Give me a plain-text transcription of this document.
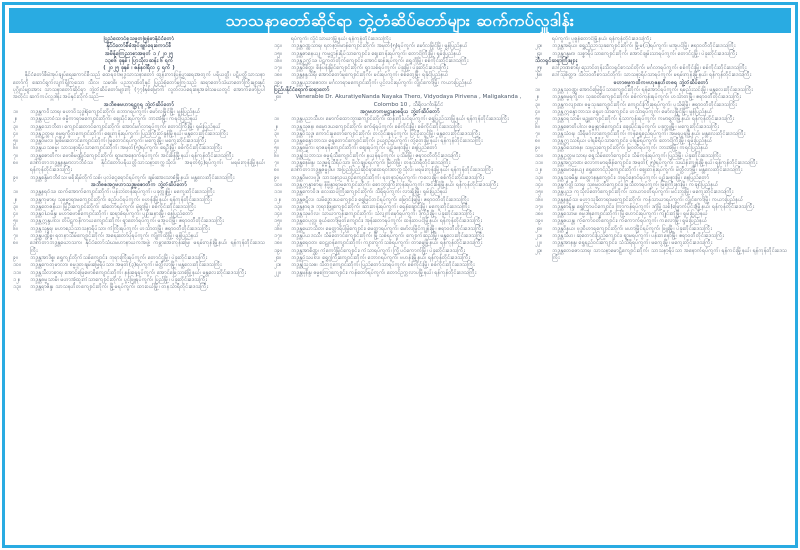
သာသနာတော်ဆိုင်ရာ ဘွဲ့တံဆိပ်တော်များ ဆက်ကပ်လှူဒါန်း
ပြည်ထောင်စုသမ္မတမြန်မာနိုင်ငံတော်
နိုင်ငံတော်စီမံအုပ်ချုပ်ရေးကောင်စီ
အမိန့်ကြေညာစာအမှတ် ၁ / ၂၀၂၅
၁၃၈၆ ခုနှစ် ၊ ပြာသိုလဆန်း ၆ ရက်
( ၂၀၂၅ ခုနှစ် ၊ ဇန်နဝါရီလ ၄ ရက် )
နိုင်ငံတော်စီမံအုပ်ချုပ်ရေးကောင်စီသည် ထေရဝါဒဗုဒ္ဓသာသနာတော် ထွန်းကားပြန့်ပွားရေးအတွက် ပရိယတ္တိ၊ ပဋိပတ္တိသာသနာတော်ကို ဆောင်ရွက်လျက်ရှိကြသော သီလ၊ သမာဓိ၊ ပညာဂုဏ်တို့နှင့် ပြည့်စုံတော်မူကြသည့် ဆရာတော်သံဃာတော်ကြီးများနှင့် ပုဂ္ဂိုလ်များအား သာသနာတော်ဆိုင်ရာ ဘွဲ့တံဆိပ်တော်များကို (၇၇)နှစ်မြောက် လွတ်လပ်ရေးနေ့အခါသမယတွင် အောက်ဖော်ပြပါအတိုင်း ဆက်ကပ်လှူဒါန်း အပ်နှင်းလိုက်သည်—
အဘိဓဇမဟာရဋ္ဌဂုရု ဘွဲ့တံဆိပ်တော်
၁။	ဘဒ္ဒန္တကဝိသာရ၊ မဟာဝိသုဒ္ဓါရုံကျောင်းတိုက်၊ ဘောဂရပ်ကွက်၊ မော်လမြိုင်မြို့၊ မွန်ပြည်နယ်
၂။	ဘဒ္ဒန္တပညာဝံသ၊ ဓမ္မိကာရာမကျောင်းတိုက်၊ ဈေးပိုင်းရပ်ကွက်၊ ဘားအံမြို့၊ ကရင်ပြည်နယ်
၃။	ဘဒ္ဒန္တသောဘိတ၊ ကျောင်းတောင်ကျောင်းတိုက်၊ အောင်မင်္ဂလာရပ်ကွက်၊ တောင်ကြီးမြို့၊ ရှမ်းပြည်နယ်
၄။	ဘဒ္ဒန္တဥတ္တရ၊ ဓမ္မရက္ခိတကျောင်းတိုက်၊ ဈေးကုန်းရပ်ကွက်၊ ပြည်ကြီးတံခွန်မြို့နယ်၊ မန္တလေးတိုင်းဒေသကြီး
၅။	ဘဒ္ဒန္တဝိမလ၊ မြစိမ်းတောင်ကျောင်းတိုက်၊ မြတောင်ရပ်ကွက်၊ မကွေးမြို့၊ မကွေးတိုင်းဒေသကြီး
၆။	ဘဒ္ဒန္တယသဓမ္မ၊ သာသနာ့ရိပ်သာကျောင်းတိုက်၊ အမှတ်(၅)ရပ်ကွက်၊ ရေဦးမြို့၊ စစ်ကိုင်းတိုင်းဒေသကြီး
၇။	ဘဒ္ဒန္တဇောတိက၊ ဗောဓိမဏ္ဍိုင်ကျောင်းတိုက်၊ ရွာမအနောက်ရပ်ကွက်၊ အင်းစိန်မြို့နယ်၊ ရန်ကုန်တိုင်းဒေသကြီး
၈။	ဒေါက်တာဘဒ္ဒန္တနန္ဒမာလာဘိဝံသ၊ နိုင်ငံတော်ပရိယတ္တိသာသနာ့တက္ကသိုလ်၊ အမှတ်(၄)ရပ်ကွက်၊ မရမ်းကုန်းမြို့နယ်၊ ရန်ကုန်တိုင်းဒေသကြီး
၉။	ဘဒ္ဒန္တစန္ဒိမာဘိဝံသ၊ မစိုးရိမ်တိုက်သစ်၊ ပုလဲငွေရောင်ရပ်ကွက်၊ ချမ်းအေးသာစံမြို့နယ်၊ မန္တလေးတိုင်းဒေသကြီး
အဘိဓဇအဂ္ဂမဟာသဒ္ဓမ္မဇောတိက ဘွဲ့တံဆိပ်တော်
၁။	ဘဒ္ဒန္တနရဝံသ၊ ထက်အောက်ကျောင်းတိုက်၊ ပန်းဘဲတန်းရပ်ကွက်၊ ပခုက္ကူမြို့၊ မကွေးတိုင်းဒေသကြီး
၂။	ဘဒ္ဒန္တကုမာရ၊ သုဓမ္မာရာမကျောင်းတိုက်၊ စည်ပင်ရပ်ကွက်၊ ဗဟန်းမြို့နယ်၊ ရန်ကုန်တိုင်းဒေသကြီး
၃။	ဘဒ္ဒန္တတေဇနိယ၊ မြို့ဦးကျောင်းတိုက်၊ ဆံတော်ရပ်ကွက်၊ မုံရွာမြို့၊ စစ်ကိုင်းတိုင်းဒေသကြီး
၄။	ဘဒ္ဒန္တဝါယမိန္ဒ၊ မဟာဗောဓိကျောင်းတိုက်၊ ဆရာစံရပ်ကွက်၊ ပျဉ်းမနားမြို့၊ နေပြည်တော်
၅။	ဘဒ္ဒန္တဣန္ဒပါလ၊ တိပိဋကနိကာယကျောင်းတိုက်၊ ရွာတော်ရပ်ကွက်၊ မအူပင်မြို့၊ ဧရာဝတီတိုင်းဒေသကြီး
၆။	ဘဒ္ဒန္တသုန္ဒရ၊ မဟာစည်သာသနာ့ရိပ်သာ၊ ကံကြီးရပ်ကွက်၊ ဟင်္သာတမြို့၊ ဧရာဝတီတိုင်းဒေသကြီး
၇။	ဘဒ္ဒန္တပဏ္ဍိစ္စ၊ ရတနာသိမ်ကျောင်းတိုက်၊ အရေးတော်ပုံရပ်ကွက်၊ ကျိုက်ထိုမြို့၊ မွန်ပြည်နယ်
၈။	ဒေါက်တာဘဒ္ဒန္တဃောသက၊ နိုင်ငံတော်သံဃမဟာနာယကအဖွဲ့၊ ကမ္ဘာအေးကုန်းမြေ၊ မရမ်းကုန်းမြို့နယ်၊ ရန်ကုန်တိုင်းဒေသကြီး
၉။	ဘဒ္ဒန္တအာဒိစ္စ၊ ရွှေကျင်တိုက်သစ်ကျောင်း၊ ဘုရားကြီးရပ်ကွက်၊ တောင်ငူမြို့၊ ပဲခူးတိုင်းဒေသကြီး
၁၀။	ဘဒ္ဒန္တကေတုမာလာ၊ ဓမ္မဒူတချမ်းမြေ့ရိပ်သာ၊ အမှတ်(၃)ရပ်ကွက်၊ မိတ္ထီလာမြို့၊ မန္တလေးတိုင်းဒေသကြီး
၁၁။	ဘဒ္ဒန္တသီလာစာရ၊ အောင်မြေဗောဓိကျောင်းတိုက်၊ နန်းရှေ့ရပ်ကွက်၊ အောင်မြေသာစံမြို့နယ်၊ မန္တလေးတိုင်းဒေသကြီး
၁၂။	ဘဒ္ဒန္တဓမ္မသာမိ၊ မဟာအံ့ထူးကံသာကျောင်းတိုက်၊ ပွင့်ဖြူရပ်ကွက်၊ ပြည်မြို့၊ ပဲခူးတိုင်းဒေသကြီး
၁၃။	ဘဒ္ဒန္တရာဇိန္ဒ၊ သာသနဟိတကျောင်းတိုက်၊ မြို့မရပ်ကွက်၊ ထားဝယ်မြို့၊ တနင်္သာရီတိုင်းဒေသကြီး
ရပ်ကွက်၊ လှိုင်သာယာမြို့နယ်၊ ရန်ကုန်တိုင်းဒေသကြီး
၁၄။	ဘဒ္ဒန္တဝဏ္ဏသာရ၊ ရတနာ့ဗိမာန်ကျောင်းတိုက်၊ အမှတ်(၅)ရပ်ကွက်၊ မော်လမြိုင်မြို့၊ မွန်ပြည်နယ်
၁၅။	ဘဒ္ဒန္တဇာနေယျ၊ ကမ္မဋ္ဌာန်းရိပ်သာကျောင်း၊ ဈေးတန်းရပ်ကွက်၊ တောင်ကြီးမြို့၊ ရှမ်းပြည်နယ်
၁၆။	ဘဒ္ဒန္တဥက္ကံသ၊ ပိဋကတ်တိုက်ကျောင်း၊ အောင်ဆန်းရပ်ကွက်၊ ရွှေဘိုမြို့၊ စစ်ကိုင်းတိုင်းဒေသကြီး
၁၇။	ဘဒ္ဒန္တဝိစိတ္တ၊ စိန်ပန်းမြိုင်ကျောင်းတိုက်၊ ရွာသစ်ရပ်ကွက်၊ ပဲခူးမြို့၊ ပဲခူးတိုင်းဒေသကြီး
၁၈။	ဘဒ္ဒန္တနန္ဒသိရီ၊ အောင်တော်မူကျောင်းတိုက်၊ မင်းရပ်ကွက်၊ စစ်တွေမြို့၊ ရခိုင်ပြည်နယ်
၁၉။	ဘဒ္ဒန္တပညာဇောတ၊ မင်္ဂလာရာမကျောင်းတိုက်၊ ပွင့်လင်းရပ်ကွက်၊ လွိုင်ကော်မြို့၊ ကယားပြည်နယ်
ပြည်ပနိုင်ငံရောက်ဆရာတော်
၂၀။	Venerable Dr. AkuratiyeNanda Nayaka Thero, Vidyodaya Pirivena , Maligakanda , Colombo 10 , သီရိလင်္ကာနိုင်ငံ
အဂ္ဂမဟာကမ္မဋ္ဌာနာစရိယ ဘွဲ့တံဆိပ်တော်
၁။	ဘဒ္ဒန္တပညာသီဟ၊ မောက်ထောဘွားကျောင်းတိုက်၊ ထန်းကိုးပင်ရပ်ကွက်၊ ရွှေပြည်သာမြို့နယ်၊ ရန်ကုန်တိုင်းဒေသကြီး
၂။	ဘဒ္ဒန္တသုဇန၊ ဓမ္မောဒယကျောင်းတိုက်၊ စက်ရုံရပ်ကွက်၊ စစ်ကိုင်းမြို့၊ စစ်ကိုင်းတိုင်းဒေသကြီး
၃။	ဘဒ္ဒန္တဝိသုဒ္ဓ၊ ကောင်းမှုတော်ကျောင်းတိုက်၊ တလိုင်းစုရပ်ကွက်၊ ပြင်ဦးလွင်မြို့၊ မန္တလေးတိုင်းဒေသကြီး
၄။	ဘဒ္ဒန္တစန္ဒောဘာသ၊ ရွှေတောင်ကျောင်းတိုက်၊ ဥယျာဉ်ရပ်ကွက်၊ တွံတေးမြို့နယ်၊ ရန်ကုန်တိုင်းဒေသကြီး
၅။	ဘဒ္ဒန္တဓမ္မိက၊ ရာဇမုနိကျောင်းတိုက်၊ ဈေးရပ်ကွက်၊ ပျဉ်းမနားမြို့၊ နေပြည်တော်
၆။	ဘဒ္ဒန္တဩဘာသ၊ ဓမ္မရံသီကျောင်းတိုက်၊ နယုန်ရပ်ကွက်၊ ပုသိမ်မြို့၊ ဧရာဝတီတိုင်းဒေသကြီး
၇။	ဘဒ္ဒန္တနေမိန္ဒ၊ သဒ္ဓမ္မရံသီရိပ်သာ၊ ဗိုလ်ချုပ်ရပ်ကွက်၊ မြိတ်မြို့၊ တနင်္သာရီတိုင်းဒေသကြီး
၈။	ဒေါက်တာဘဒ္ဒန္တဇမ္ဗုဒီပ၊ အပြည်ပြည်ဆိုင်ရာထေရဝါဒတက္ကသိုလ်၊ မရမ်းကုန်းမြို့နယ်၊ ရန်ကုန်တိုင်းဒေသကြီး
၉။	ဘဒ္ဒန္တဝိမလဗုဒ္ဓိ၊ သာသနာ့ဥယျာဉ်ကျောင်းတိုက်၊ ရတနာပုံရပ်ကွက်၊ ကလေးမြို့၊ စစ်ကိုင်းတိုင်းဒေသကြီး
၁၀။	ဘဒ္ဒန္တဣန္ဒာစာရ၊ နိဗ္ဗိန္ဒာရာမကျောင်းတိုက်၊ စောဘွားကြီးကုန်းရပ်ကွက်၊ အင်းစိန်မြို့နယ်၊ ရန်ကုန်တိုင်းဒေသကြီး
၁၁။	ဘဒ္ဒန္တကောဝိဒ၊ လေးထပ်ကြီးကျောင်းတိုက်၊ သီရိရပ်ကွက်၊ လားရှိုးမြို့၊ ရှမ်းပြည်နယ်
၁၂။	ဘဒ္ဒန္တဇဋိလ၊ သမိဒ္ဓောဒယကျောင်း၊ ရွှေမြင်တင်ရပ်ကွက်၊ မြောင်းမြမြို့၊ ဧရာဝတီတိုင်းဒေသကြီး
၁၃။	ဘဒ္ဒန္တနာရဒ၊ ဘုရားဖြူကျောင်းတိုက်၊ ဆားတန်းရပ်ကွက်၊ ရေနံချောင်းမြို့၊ မကွေးတိုင်းဒေသကြီး
၁၄။	ဘဒ္ဒန္တသုမင်္ဂလ၊ သာယာကုန်းကျောင်းတိုက်၊ သံလျှက်မှော်ရပ်ကွက်၊ ဒိုက်ဦးမြို့၊ ပဲခူးတိုင်းဒေသကြီး
၁၅။	ဘဒ္ဒန္တဝေပုလ္လ၊ စွယ်တော်မြတ်ကျောင်း၊ အုန်းတောရပ်ကွက်၊ ထန်းတပင်မြို့နယ်၊ ရန်ကုန်တိုင်းဒေသကြီး
၁၆။	ဘဒ္ဒန္တဃောသိတ၊ မေတ္တာရိပ်မြုံကျောင်း၊ မေတ္တာရပ်ကွက်၊ မော်လမြိုင်ကျွန်းမြို့၊ ဧရာဝတီတိုင်းဒေသကြီး
၁၇။	ဘဒ္ဒန္တပိယဒဿီ၊ သိမ်တောင်ကျောင်းတိုက်၊ မြို့သစ်ရပ်ကွက်၊ ကျောက်ဆည်မြို့၊ မန္တလေးတိုင်းဒေသကြီး
၁၈။	ဘဒ္ဒန္တရေဝတ၊ ဝေဠုဝန်ကျောင်းတိုက်၊ ကျားကွက်သစ်ရပ်ကွက်၊ တာမွေမြို့နယ်၊ ရန်ကုန်တိုင်းဒေသကြီး
၁၉။	ဘဒ္ဒန္တအာစိဏ္ဏ၊ ကံ့ကော်မြိုင်ကျောင်း၊ ကံသာရပ်ကွက်၊ ကြို့ပင်ကောက်မြို့၊ ပဲခူးတိုင်းဒေသကြီး
၂၀။	ဘဒ္ဒန္တဝံသပါလ၊ ရွှေဂူကြီးကျောင်းတိုက်၊ ဘောဂရပ်ကွက်၊ ဗဟန်းမြို့နယ်၊ ရန်ကုန်တိုင်းဒေသကြီး
၂၁။	ဘဒ္ဒန္တဩသဓ၊ သီတဂူကျောင်းတိုက်၊ ပြည်တော်သာရပ်ကွက်၊ စစ်ကိုင်းမြို့၊ စစ်ကိုင်းတိုင်းဒေသကြီး
၂၂။	ဘဒ္ဒန္တမုနိန္ဒ၊ ဓမ္မစကြာကျောင်း၊ ကန်တော်ရပ်ကွက်၊ တောင်ဥက္ကလာပမြို့နယ်၊ ရန်ကုန်တိုင်းဒေသကြီး
ရပ်ကွက်၊ ပုဇွန်တောင်မြို့နယ်၊ ရန်ကုန်တိုင်းဒေသကြီး
၂၃။	ဘဒ္ဒန္တအရိယ၊ ရွှေညီညာသုခကျောင်းတိုက်၊ မြို့မ(၁)ရပ်ကွက်၊ မအူပင်မြို့၊ ဧရာဝတီတိုင်းဒေသကြီး
၂၄။	ဘဒ္ဒန္တဂန္ဓမာ၊ သစ္စာရိပ်သာကျောင်းတိုက်၊ အောင်ချမ်းသာရပ်ကွက်၊ တောင်ငူမြို့၊ ပဲခူးတိုင်းဒေသကြီး
သီလရှင်ဆရာကြီးများ
၂၅။	ဒေါ်ဉာဏစာရီ၊ ညောင်တုန်းသီလရှင်စာသင်တိုက်၊ မင်္ဂလာရပ်ကွက်၊ စစ်ကိုင်းမြို့၊ စစ်ကိုင်းတိုင်းဒေသကြီး
၂၆။	ဒေါ်သုစိတ္တာ၊ သီလဝတီစာသင်တိုက်၊ သာသနာ့ရိပ်သာရပ်ကွက်၊ မရမ်းကုန်းမြို့နယ်၊ ရန်ကုန်တိုင်းဒေသကြီး
မဟာဓမ္မကထိကဗဟုဇနဟိတဓရ ဘွဲ့တံဆိပ်တော်
၁။	ဘဒ္ဒန္တသုဝဏ္ဏ၊ အောင်မြေရိပ်သာကျောင်းတိုက်၊ ရန်အောင်ရပ်ကွက်၊ ရမည်းသင်းမြို့၊ မန္တလေးတိုင်းဒေသကြီး
၂။	ဘဒ္ဒန္တဓမ္မရက္ခိတ၊ သုခဝတီကျောင်းတိုက်၊ စစ်ကဲကုန်းရပ်ကွက်၊ ဟင်္သာတမြို့၊ ဧရာဝတီတိုင်းဒေသကြီး
၃။	ဘဒ္ဒန္တကလျာဏ၊ ဓမ္မသုခကျောင်းတိုက်၊ ကျောင်းကြီးစုရပ်ကွက်၊ ပုသိမ်မြို့၊ ဧရာဝတီတိုင်းဒေသကြီး
၄။	ဘဒ္ဒန္တဣန္ဒောဘာသ၊ ရွှေဟင်္သာကျောင်း၊ ဟင်္သာရပ်ကွက်၊ မော်လမြိုင်မြို့၊ မွန်ပြည်နယ်
၅။	ဘဒ္ဒန္တဝရသာမိ၊ မဉ္ဇူကျောင်းတိုက်၊ နံ့သာကုန်းရပ်ကွက်၊ ကမာရွတ်မြို့နယ်၊ ရန်ကုန်တိုင်းဒေသကြီး
၆။	ဘဒ္ဒန္တဇောတိပါလ၊ ဇမ္ဗူရာဇ်ကျောင်း၊ ဈေးပိုင်းရပ်ကွက်၊ ပခုက္ကူမြို့၊ မကွေးတိုင်းဒေသကြီး
၇။	ဘဒ္ဒန္တသံဝရ၊ သီရိမင်္ဂလာကျောင်းတိုက်၊ ကန်ရွှေစည်ရပ်ကွက်၊ အမရပူရမြို့နယ်၊ မန္တလေးတိုင်းဒေသကြီး
၈။	ဘဒ္ဒန္တဣဿရိယ၊ ပါရမီရိပ်သာကျောင်း၊ ပါရမီရပ်ကွက်၊ တောင်ကြီးမြို့၊ ရှမ်းပြည်နယ်
၉။	ဘဒ္ဒန္တဝိသောဓန၊ သဗ္ဗညုကျောင်းတိုက်၊ မြဝတီရပ်ကွက်၊ ဘားအံမြို့၊ ကရင်ပြည်နယ်
၁၀။	ဘဒ္ဒန္တဥတ္တမသာရ၊ ရွှေသိမ်တော်ကျောင်း၊ သိမ်ကုန်းရပ်ကွက်၊ ပြည်မြို့၊ ပဲခူးတိုင်းဒေသကြီး
၁၁။	ဘဒ္ဒန္တအဂ္ဂဉာဏ၊ လောကမာရဇိန်ကျောင်း၊ အမှတ်(၂၅)ရပ်ကွက်၊ သင်္ဃန်းကျွန်းမြို့နယ်၊ ရန်ကုန်တိုင်းဒေသကြီး
၁၂။	ဘဒ္ဒန္တမောနေယျ၊ ရွှေတောင်ညိုကျောင်းတိုက်၊ ဈေးတန်းရပ်ကွက်၊ မိတ္ထီလာမြို့၊ မန္တလေးတိုင်းဒေသကြီး
၁၃။	ဘဒ္ဒန္တသုခမိန္ဒ၊ မေတ္တာနန္ဒကျောင်း၊ ဘုရင့်နောင်ရပ်ကွက်၊ ပျဉ်းမနားမြို့၊ နေပြည်တော်
၁၄။	ဘဒ္ဒန္တကိတ္တိသာရ၊ သုဓမ္မဝတီကျောင်း၊ မြသီတာရပ်ကွက်၊ မြစ်ကြီးနားမြို့၊ ကချင်ပြည်နယ်
၁၅။	ဘဒ္ဒန္တပုည၊ ကုသိုလ်တော်ကျောင်းတိုက်၊ သာယာဝတီရပ်ကွက်၊ မင်းဘူးမြို့၊ မကွေးတိုင်းဒေသကြီး
၁၆။	ဘဒ္ဒန္တနန္ဒဝံသ၊ မဟာသုခိတာရာမကျောင်းတိုက်၊ ကန်သာယာရပ်ကွက်၊ လွိုင်ကော်မြို့၊ ကယားပြည်နယ်
၁၇။	ဘဒ္ဒန္တစာရိန္ဒ၊ ရွှေကြာပင်ကျောင်း၊ ကြာကန်ရပ်ကွက်၊ ဒဂုံမြို့သစ်(မြောက်ပိုင်း)မြို့နယ်၊ ရန်ကုန်တိုင်းဒေသကြီး
၁၈။	ဘဒ္ဒန္တသောမ၊ ဓမ္မဒါနကျောင်းတိုက်၊ မြို့ဟောင်းရပ်ကွက်၊ ကျိုင်းတုံမြို့၊ ရှမ်းပြည်နယ်
၁၉။	ဘဒ္ဒန္တဇယန္တ၊ ကံ့ကော်ဝတီကျောင်း၊ ကံကောက်ရပ်ကွက်၊ ကလောမြို့၊ ရှမ်းပြည်နယ်
၂၀။	ဘဒ္ဒန္တဝိနယ၊ ဗုဒ္ဓဝိဟာရကျောင်းတိုက်၊ မဟာမြိုင်ရပ်ကွက်၊ ဖြူးမြို့၊ ပဲခူးတိုင်းဒေသကြီး
၂၁။	ဘဒ္ဒန္တသီဟ၊ ဆုတောင်းပြည့်ကျောင်း၊ ရွာမရပ်ကွက်၊ ပန်းတနော်မြို့၊ ဧရာဝတီတိုင်းဒေသကြီး
၂၂။	ဘဒ္ဒန္တအာနန္ဒ၊ ရွှေရည်ဝင်းကျောင်း၊ သံသီရိရပ်ကွက်၊ မကွေးမြို့၊ မကွေးတိုင်းဒေသကြီး
၂၃။	ဘဒ္ဒန္တတေဇောသာရ၊ သာသနာ့မောဠိကျောင်းတိုက်၊ သာသနာ့ရိပ်သာ အနောက်ရပ်ကွက်၊ ရန်ကင်းမြို့နယ်၊ ရန်ကုန်တိုင်းဒေသကြီး
